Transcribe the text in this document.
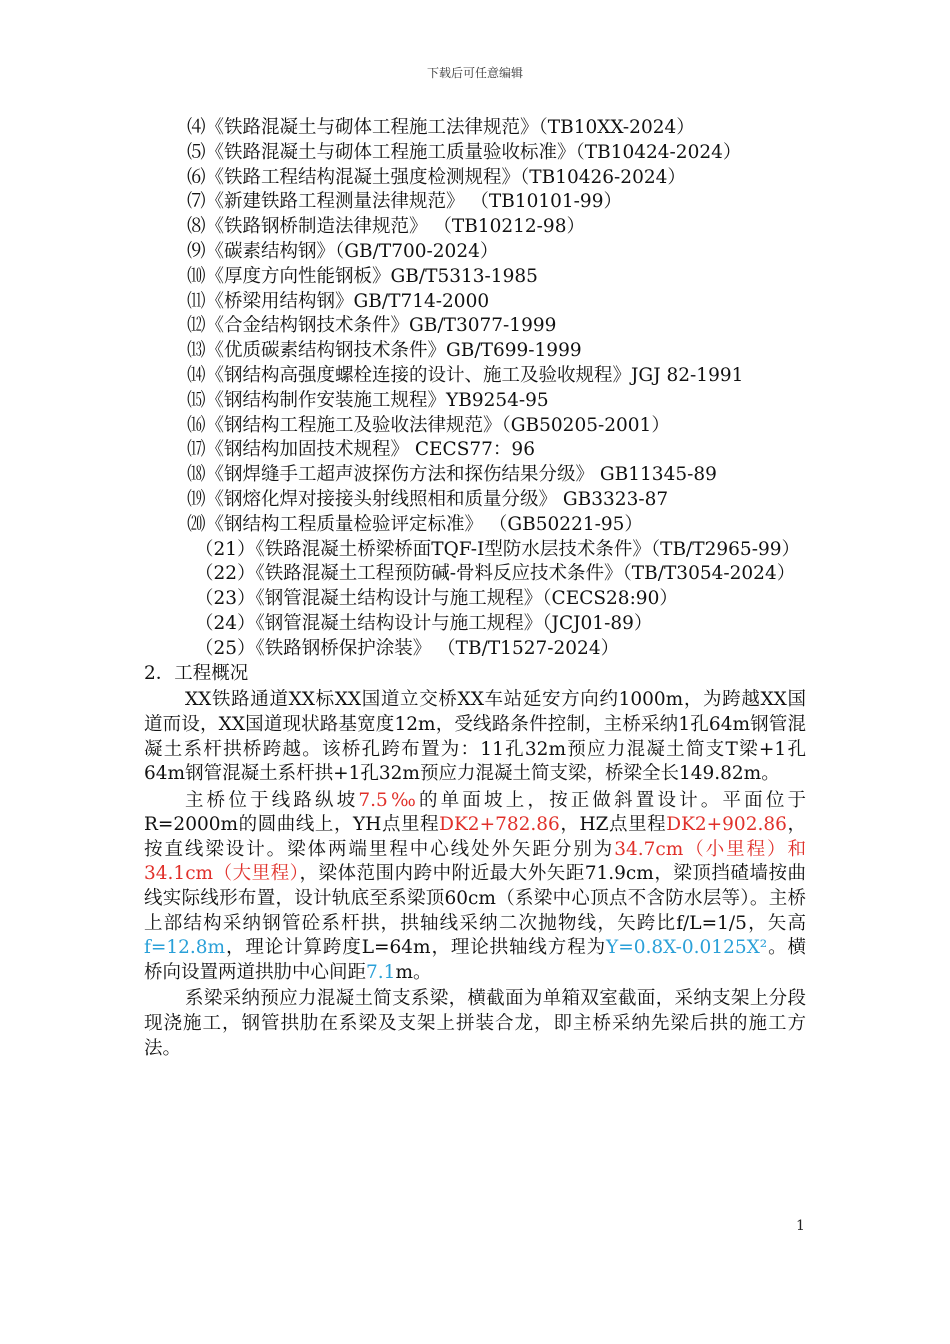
下载后可任意编辑
⑷《铁路混凝土与砌体工程施工法律规范》（TB10XX-2024）
⑸《铁路混凝土与砌体工程施工质量验收标准》（TB10424-2024）
⑹《铁路工程结构混凝土强度检测规程》（TB10426-2024）
⑺《新建铁路工程测量法律规范》 （TB10101-99）
⑻《铁路钢桥制造法律规范》 （TB10212-98）
⑼《碳素结构钢》（GB/T700-2024）
⑽《厚度方向性能钢板》GB/T5313-1985
⑾《桥梁用结构钢》GB/T714-2000
⑿《合金结构钢技术条件》GB/T3077-1999
⒀《优质碳素结构钢技术条件》GB/T699-1999
⒁《钢结构高强度螺栓连接的设计、施工及验收规程》JGJ 82-1991
⒂《钢结构制作安装施工规程》YB9254-95
⒃《钢结构工程施工及验收法律规范》（GB50205-2001）
⒄《钢结构加固技术规程》 CECS77：96
⒅《钢焊缝手工超声波探伤方法和探伤结果分级》 GB11345-89
⒆《钢熔化焊对接接头射线照相和质量分级》 GB3323-87
⒇《钢结构工程质量检验评定标准》 （GB50221-95）
（21）《铁路混凝土桥梁桥面TQF-I型防水层技术条件》（TB/T2965-99）
（22）《铁路混凝土工程预防碱-骨料反应技术条件》（TB/T3054-2024）
（23）《钢管混凝土结构设计与施工规程》（CECS28:90）
（24）《钢管混凝土结构设计与施工规程》（JCJ01-89）
（25）《铁路钢桥保护涂装》 （TB/T1527-2024）
2．工程概况

XX铁路通道XX标XX国道立交桥XX车站延安方向约1000m，为跨越XX国道而设，XX国道现状路基宽度12m，受线路条件控制，主桥采纳1孔64m钢管混凝土系杆拱桥跨越。该桥孔跨布置为：11孔32m预应力混凝土简支T梁+1孔64m钢管混凝土系杆拱+1孔32m预应力混凝土简支梁，桥梁全长149.82m。

主桥位于线路纵坡7.5‰的单面坡上，按正做斜置设计。平面位于R=2000m的圆曲线上，YH点里程DK2+782.86，HZ点里程DK2+902.86，按直线梁设计。梁体两端里程中心线处外矢距分别为34.7cm（小里程）和34.1cm（大里程），梁体范围内跨中附近最大外矢距71.9cm，梁顶挡碴墙按曲线实际线形布置，设计轨底至系梁顶60cm（系梁中心顶点不含防水层等）。主桥上部结构采纳钢管砼系杆拱，拱轴线采纳二次抛物线，矢跨比f/L=1/5，矢高f=12.8m，理论计算跨度L=64m，理论拱轴线方程为Y=0.8X-0.0125X²。横桥向设置两道拱肋中心间距7.1m。

系梁采纳预应力混凝土简支系梁，横截面为单箱双室截面，采纳支架上分段现浇施工，钢管拱肋在系梁及支架上拼装合龙，即主桥采纳先梁后拱的施工方法。

1
